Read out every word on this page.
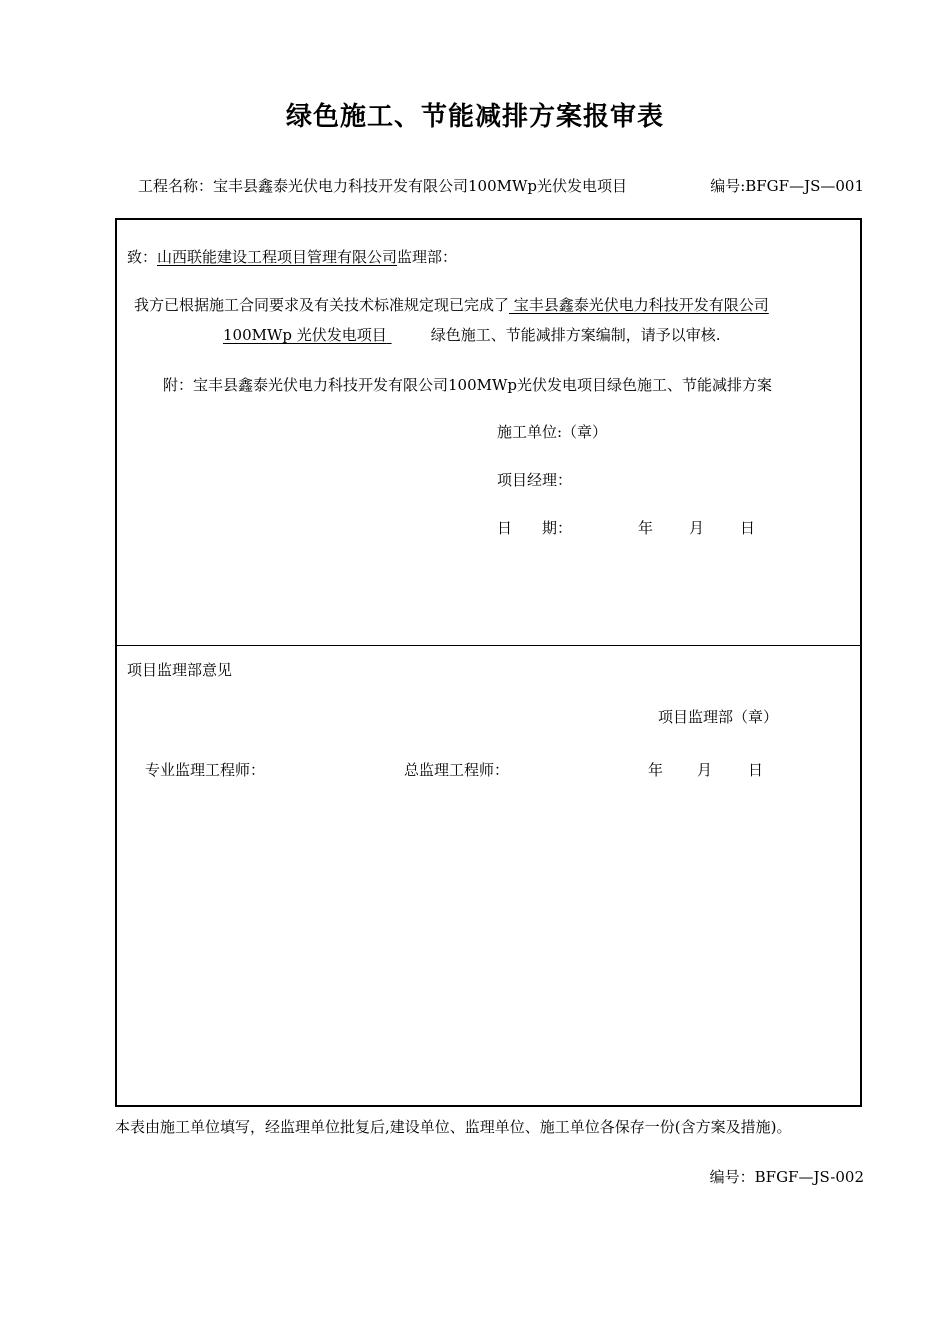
绿色施工、节能减排方案报审表
工程名称：宝丰县鑫泰光伏电力科技开发有限公司100MWp光伏发电项目	编号:BFGF—JS—001
致：山西联能建设工程项目管理有限公司监理部：
我方已根据施工合同要求及有关技术标准规定现已完成了 宝丰县鑫泰光伏电力科技开发有限公司
100MWp 光伏发电项目	绿色施工、节能减排方案编制，请予以审核.
附：宝丰县鑫泰光伏电力科技开发有限公司100MWp光伏发电项目绿色施工、节能减排方案
施工单位:（章）
项目经理：
日　　期：	年 月 日
项目监理部意见
项目监理部（章）
专业监理工程师：	总监理工程师：	年 月 日
本表由施工单位填写，经监理单位批复后,建设单位、监理单位、施工单位各保存一份(含方案及措施)。
编号：BFGF—JS-002
